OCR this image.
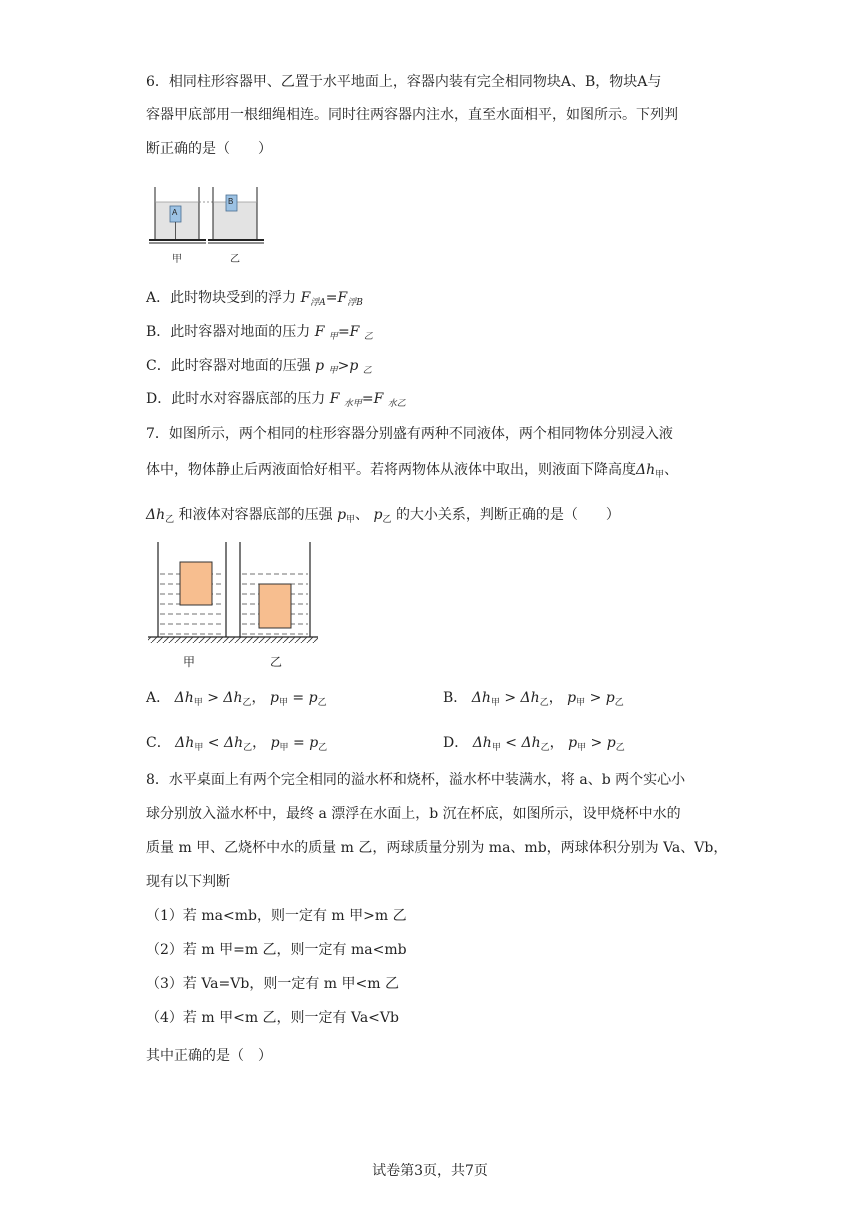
6．相同柱形容器甲、乙置于水平地面上，容器内装有完全相同物块A、B，物块A与
容器甲底部用一根细绳相连。同时往两容器内注水，直至水面相平，如图所示。下列判
断正确的是（　　）
A
B
甲	乙
A．此时物块受到的浮力 $F_{浮A}=F_{浮B}$
B．此时容器对地面的压力 F $_甲$=F $_乙$
C．此时容器对地面的压强 p $_甲$>p $_乙$
D．此时水对容器底部的压力 F $_{水甲}$=F $_{水乙}$
7．如图所示，两个相同的柱形容器分别盛有两种不同液体，两个相同物体分别浸入液
体中，物体静止后两液面恰好相平。若将两物体从液体中取出，则液面下降高度$\Delta h_甲$、
$\Delta h_乙$ 和液体对容器底部的压强 $p_甲$、 $p_乙$ 的大小关系，判断正确的是（　　）
甲	乙
A． $\Delta h_甲 > \Delta h_乙$， $p_甲 = p_乙$	B． $\Delta h_甲 > \Delta h_乙$， $p_甲 > p_乙$
C． $\Delta h_甲 < \Delta h_乙$， $p_甲 = p_乙$	D． $\Delta h_甲 < \Delta h_乙$， $p_甲 > p_乙$
8．水平桌面上有两个完全相同的溢水杯和烧杯，溢水杯中装满水，将 a、b 两个实心小
球分别放入溢水杯中，最终 a 漂浮在水面上，b 沉在杯底，如图所示，设甲烧杯中水的
质量 m 甲、乙烧杯中水的质量 m 乙，两球质量分别为 ma、mb，两球体积分别为 Va、Vb，
现有以下判断
（1）若 ma<mb，则一定有 m 甲>m 乙
（2）若 m 甲=m 乙，则一定有 ma<mb
（3）若 Va=Vb，则一定有 m 甲<m 乙
（4）若 m 甲<m 乙，则一定有 Va<Vb
其中正确的是（　）
试卷第3页，共7页
